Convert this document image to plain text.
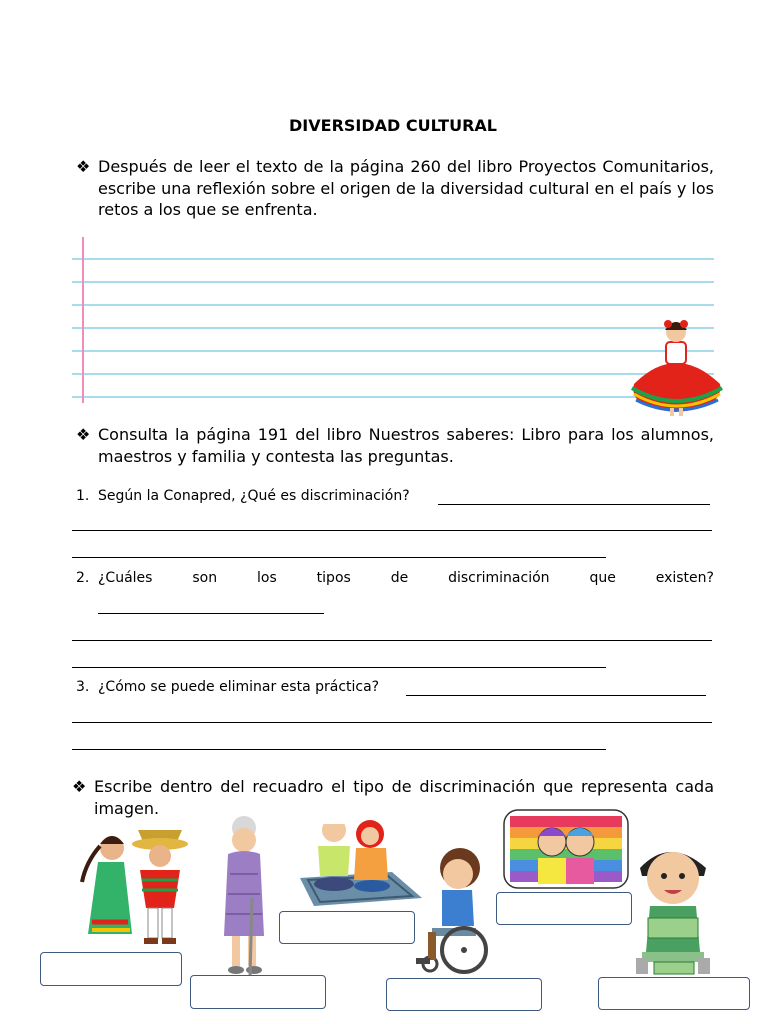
DIVERSIDAD CULTURAL
❖ Después de leer el texto de la página 260 del libro Proyectos Comunitarios, escribe una reflexión sobre el origen de la diversidad cultural en el país y los retos a los que se enfrenta.
❖ Consulta la página 191 del libro Nuestros saberes: Libro para los alumnos, maestros y familia y contesta las preguntas.
1. Según la Conapred, ¿Qué es discriminación?
2. ¿Cuáles	son	los	tipos	de	discriminación	que	existen?
3. ¿Cómo se puede eliminar esta práctica?
❖ Escribe dentro del recuadro el tipo de discriminación que representa cada imagen.
